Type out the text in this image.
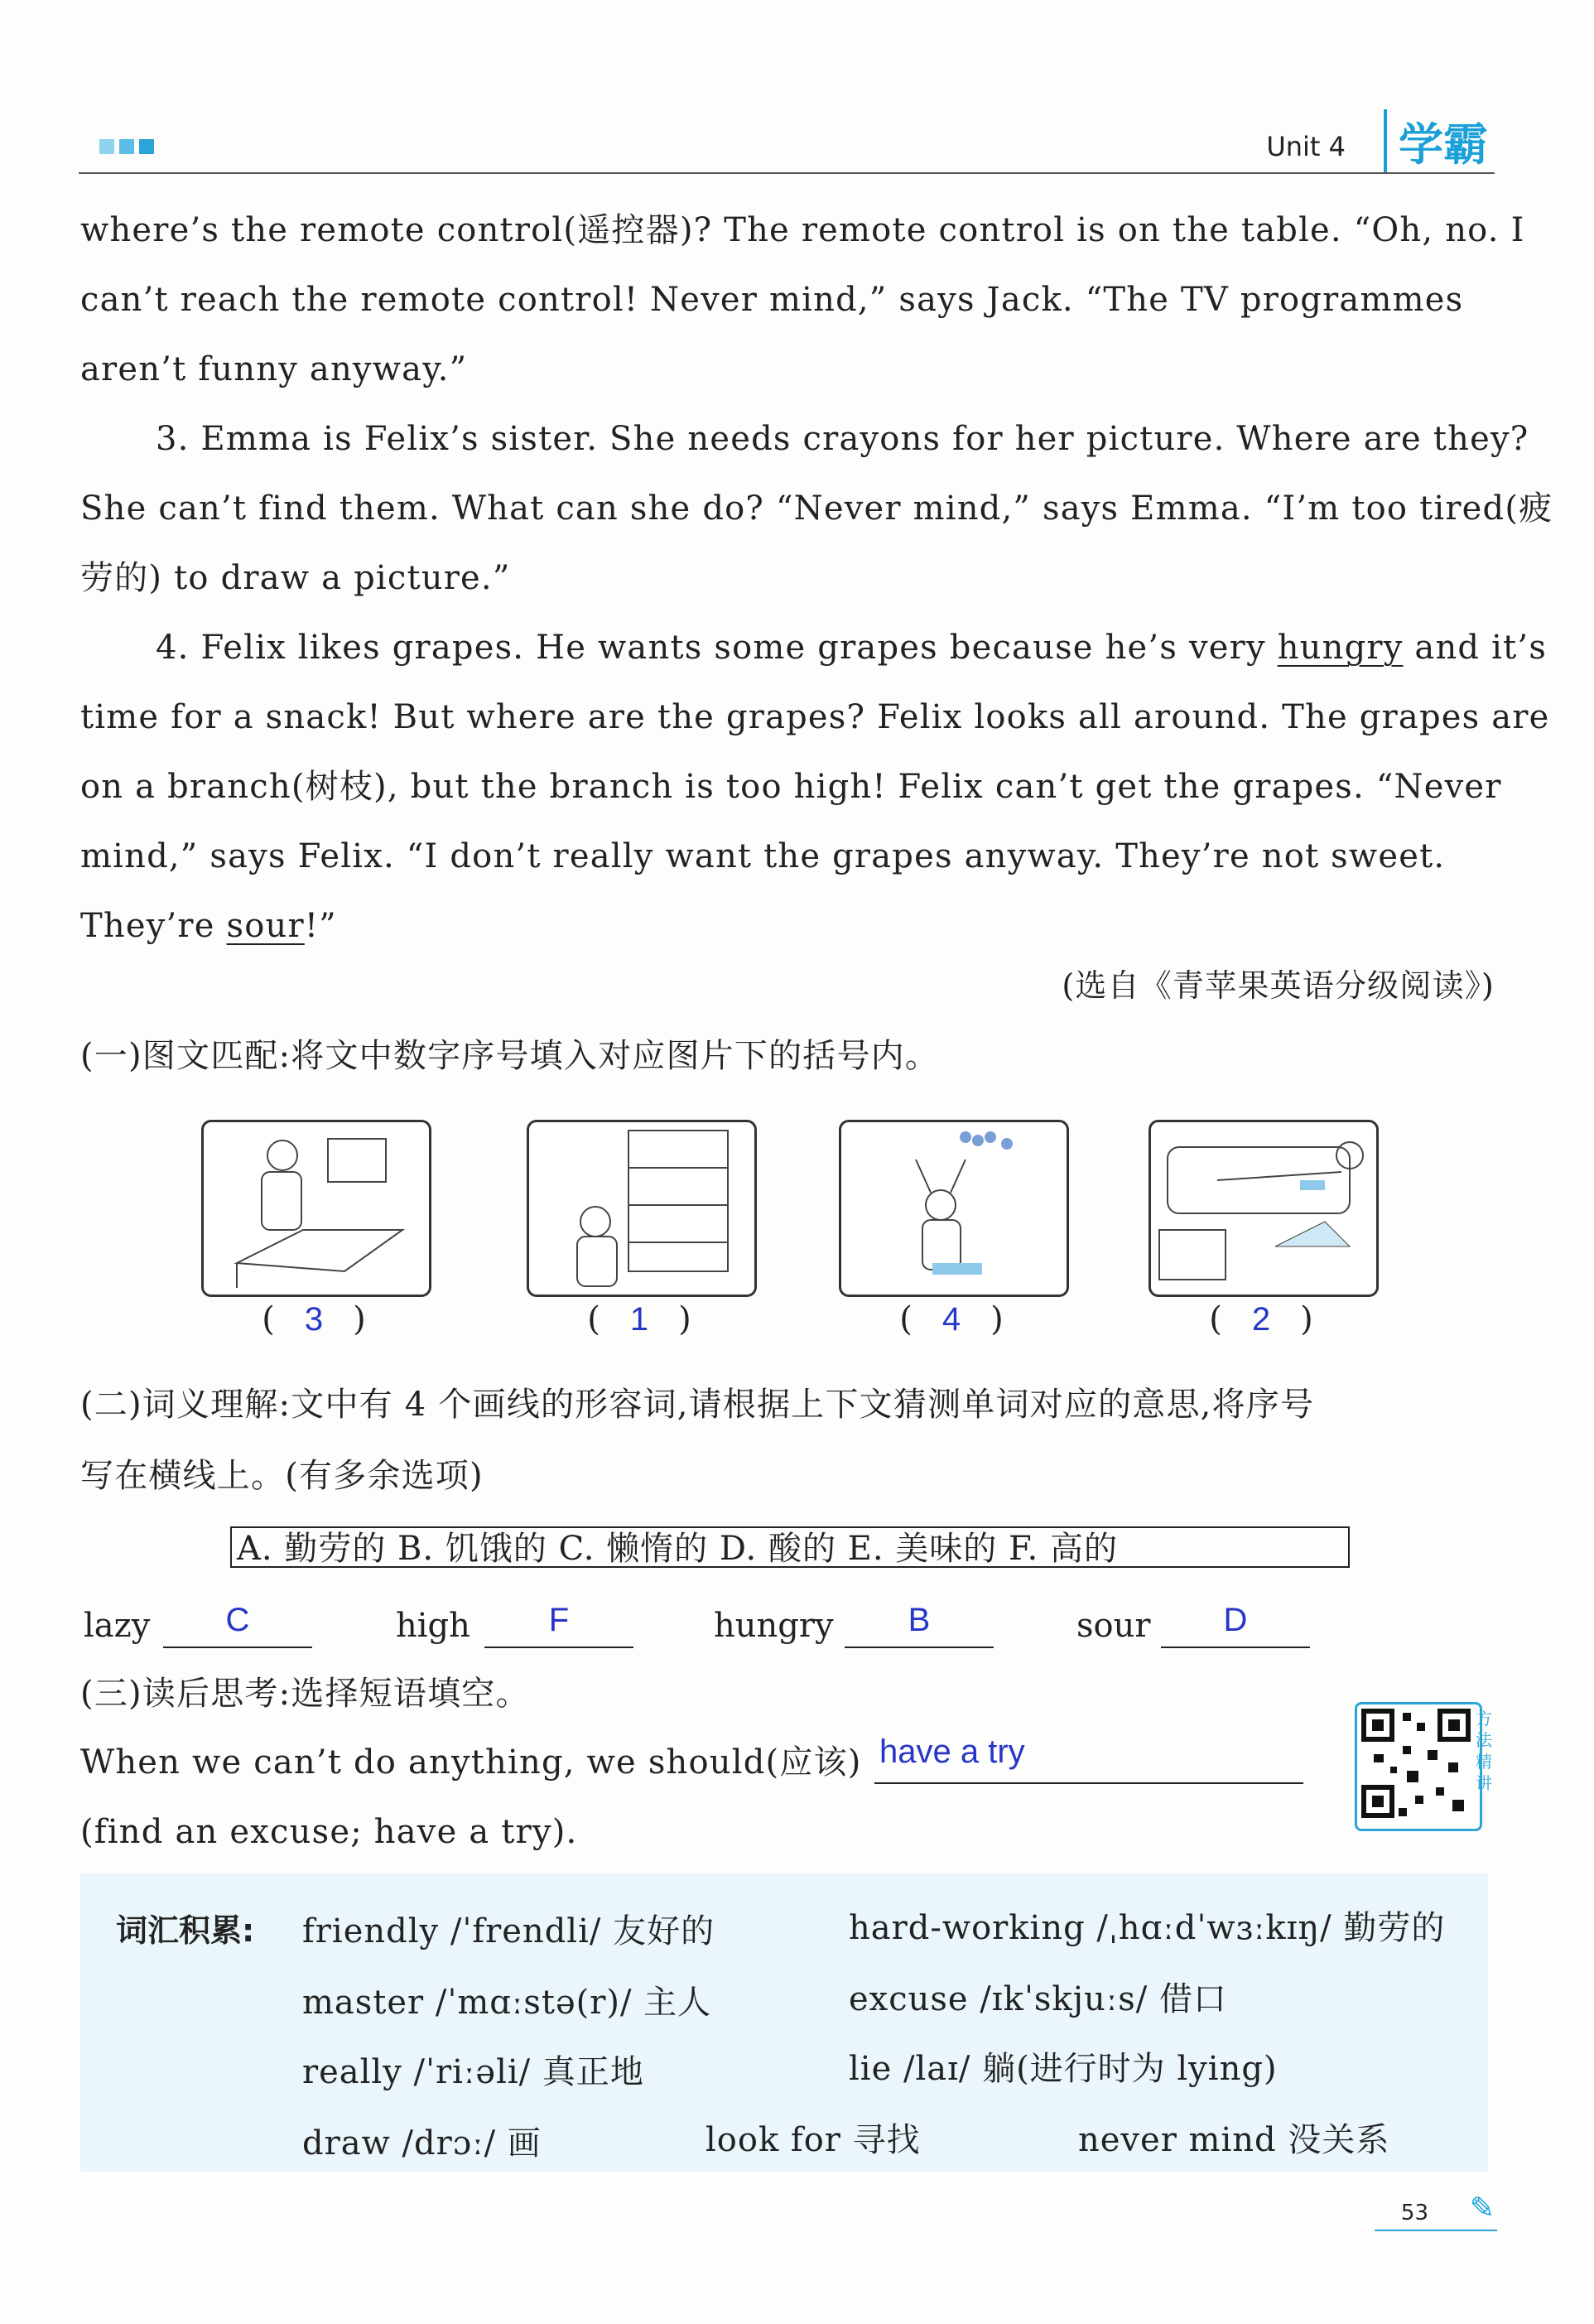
Unit 4	学霸
where’s the remote control(遥控器)? The remote control is on the table. “Oh, no. I
can’t reach the remote control! Never mind,” says Jack. “The TV programmes
aren’t funny anyway.”
3. Emma is Felix’s sister. She needs crayons for her picture. Where are they?
She can’t find them. What can she do? “Never mind,” says Emma. “I’m too tired(疲
劳的) to draw a picture.”
4. Felix likes grapes. He wants some grapes because he’s very hungry and it’s
time for a snack! But where are the grapes? Felix looks all around. The grapes are
on a branch(树枝), but the branch is too high! Felix can’t get the grapes. “Never
mind,” says Felix. “I don’t really want the grapes anyway. They’re not sweet.
They’re sour!”
(选自《青苹果英语分级阅读》)
(一)图文匹配:将文中数字序号填入对应图片下的括号内。
( 3 )	( 1 )	( 4 )	( 2 )
(二)词义理解:文中有 4 个画线的形容词,请根据上下文猜测单词对应的意思,将序号
写在横线上。(有多余选项)
A. 勤劳的 B. 饥饿的 C. 懒惰的 D. 酸的 E. 美味的 F. 高的
lazy	C	high	F	hungry	B	sour	D
(三)读后思考:选择短语填空。
When we can’t do anything, we should(应该) have a try
(find an excuse; have a try).
方法精讲
词汇积累: friendly /ˈfrendli/ 友好的	hard-working /ˌhɑːdˈwɜːkɪŋ/ 勤劳的
master /ˈmɑːstə(r)/ 主人	excuse /ɪkˈskjuːs/ 借口
really /ˈriːəli/ 真正地	lie /laɪ/ 躺(进行时为 lying)
draw /drɔː/ 画	look for 寻找	never mind 没关系
53 ✎
